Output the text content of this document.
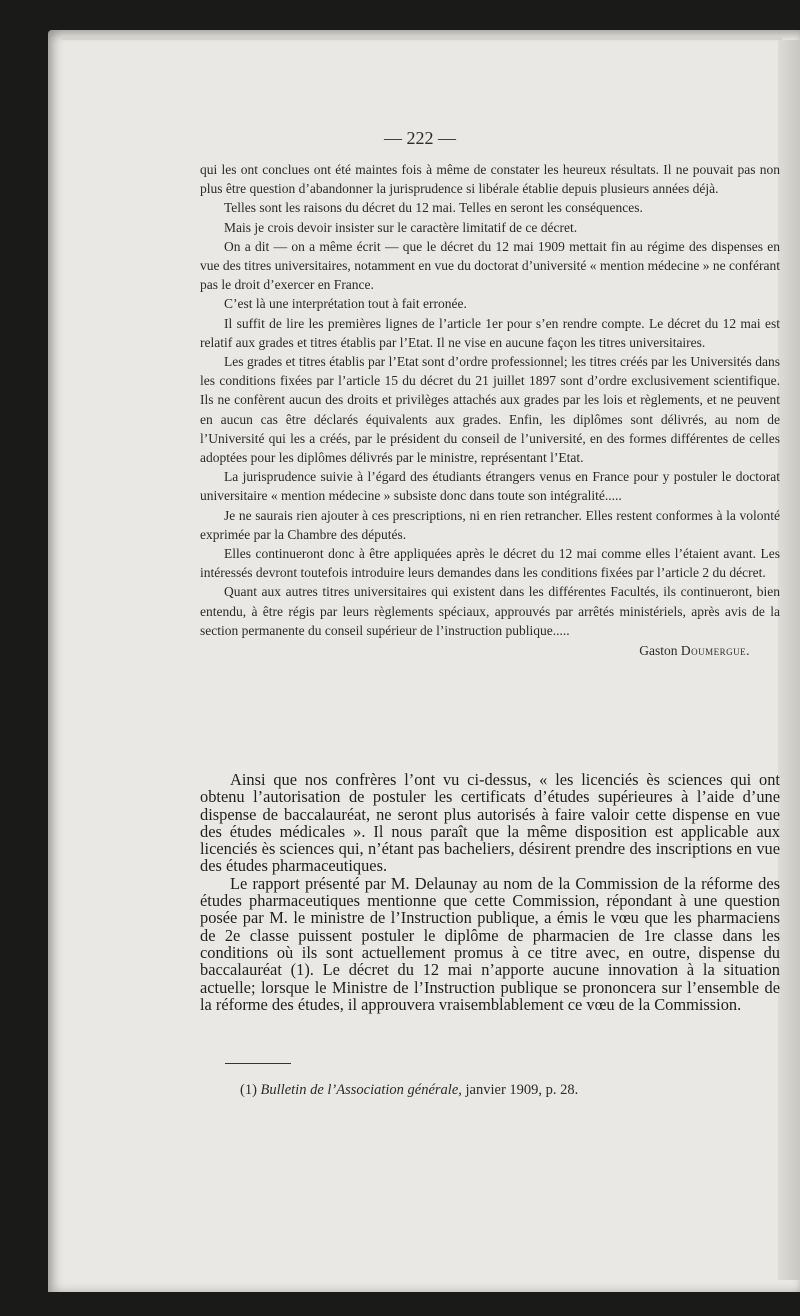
— 222 —

qui les ont conclues ont été maintes fois à même de constater les heureux résultats. Il ne pouvait pas non plus être question d’abandonner la jurisprudence si libérale établie depuis plusieurs années déjà.

Telles sont les raisons du décret du 12 mai. Telles en seront les conséquences.

Mais je crois devoir insister sur le caractère limitatif de ce décret.

On a dit — on a même écrit — que le décret du 12 mai 1909 mettait fin au régime des dispenses en vue des titres universitaires, notamment en vue du doctorat d’université « mention médecine » ne conférant pas le droit d’exercer en France.

C’est là une interprétation tout à fait erronée.

Il suffit de lire les premières lignes de l’article 1er pour s’en rendre compte. Le décret du 12 mai est relatif aux grades et titres établis par l’Etat. Il ne vise en aucune façon les titres universitaires.

Les grades et titres établis par l’Etat sont d’ordre professionnel; les titres créés par les Universités dans les conditions fixées par l’article 15 du décret du 21 juillet 1897 sont d’ordre exclusivement scientifique. Ils ne confèrent aucun des droits et privilèges attachés aux grades par les lois et règlements, et ne peuvent en aucun cas être déclarés équivalents aux grades. Enfin, les diplômes sont délivrés, au nom de l’Université qui les a créés, par le président du conseil de l’université, en des formes différentes de celles adoptées pour les diplômes délivrés par le ministre, représentant l’Etat.

La jurisprudence suivie à l’égard des étudiants étrangers venus en France pour y postuler le doctorat universitaire « mention médecine » subsiste donc dans toute son intégralité.....

Je ne saurais rien ajouter à ces prescriptions, ni en rien retrancher. Elles restent conformes à la volonté exprimée par la Chambre des députés.

Elles continueront donc à être appliquées après le décret du 12 mai comme elles l’étaient avant. Les intéressés devront toutefois introduire leurs demandes dans les conditions fixées par l’article 2 du décret.

Quant aux autres titres universitaires qui existent dans les différentes Facultés, ils continueront, bien entendu, à être régis par leurs règlements spéciaux, approuvés par arrêtés ministériels, après avis de la section permanente du conseil supérieur de l’instruction publique.....

Gaston Doumergue.

Ainsi que nos confrères l’ont vu ci-dessus, « les licenciés ès sciences qui ont obtenu l’autorisation de postuler les certificats d’études supérieures à l’aide d’une dispense de baccalauréat, ne seront plus autorisés à faire valoir cette dispense en vue des études médicales ». Il nous paraît que la même disposition est applicable aux licenciés ès sciences qui, n’étant pas bacheliers, désirent prendre des inscriptions en vue des études pharmaceutiques.

Le rapport présenté par M. Delaunay au nom de la Commission de la réforme des études pharmaceutiques mentionne que cette Commission, répondant à une question posée par M. le ministre de l’Instruction publique, a émis le vœu que les pharmaciens de 2e classe puissent postuler le diplôme de pharmacien de 1re classe dans les conditions où ils sont actuellement promus à ce titre avec, en outre, dispense du baccalauréat (1). Le décret du 12 mai n’apporte aucune innovation à la situation actuelle; lorsque le Ministre de l’Instruction publique se prononcera sur l’ensemble de la réforme des études, il approuvera vraisemblablement ce vœu de la Commission.

(1) Bulletin de l’Association générale, janvier 1909, p. 28.
